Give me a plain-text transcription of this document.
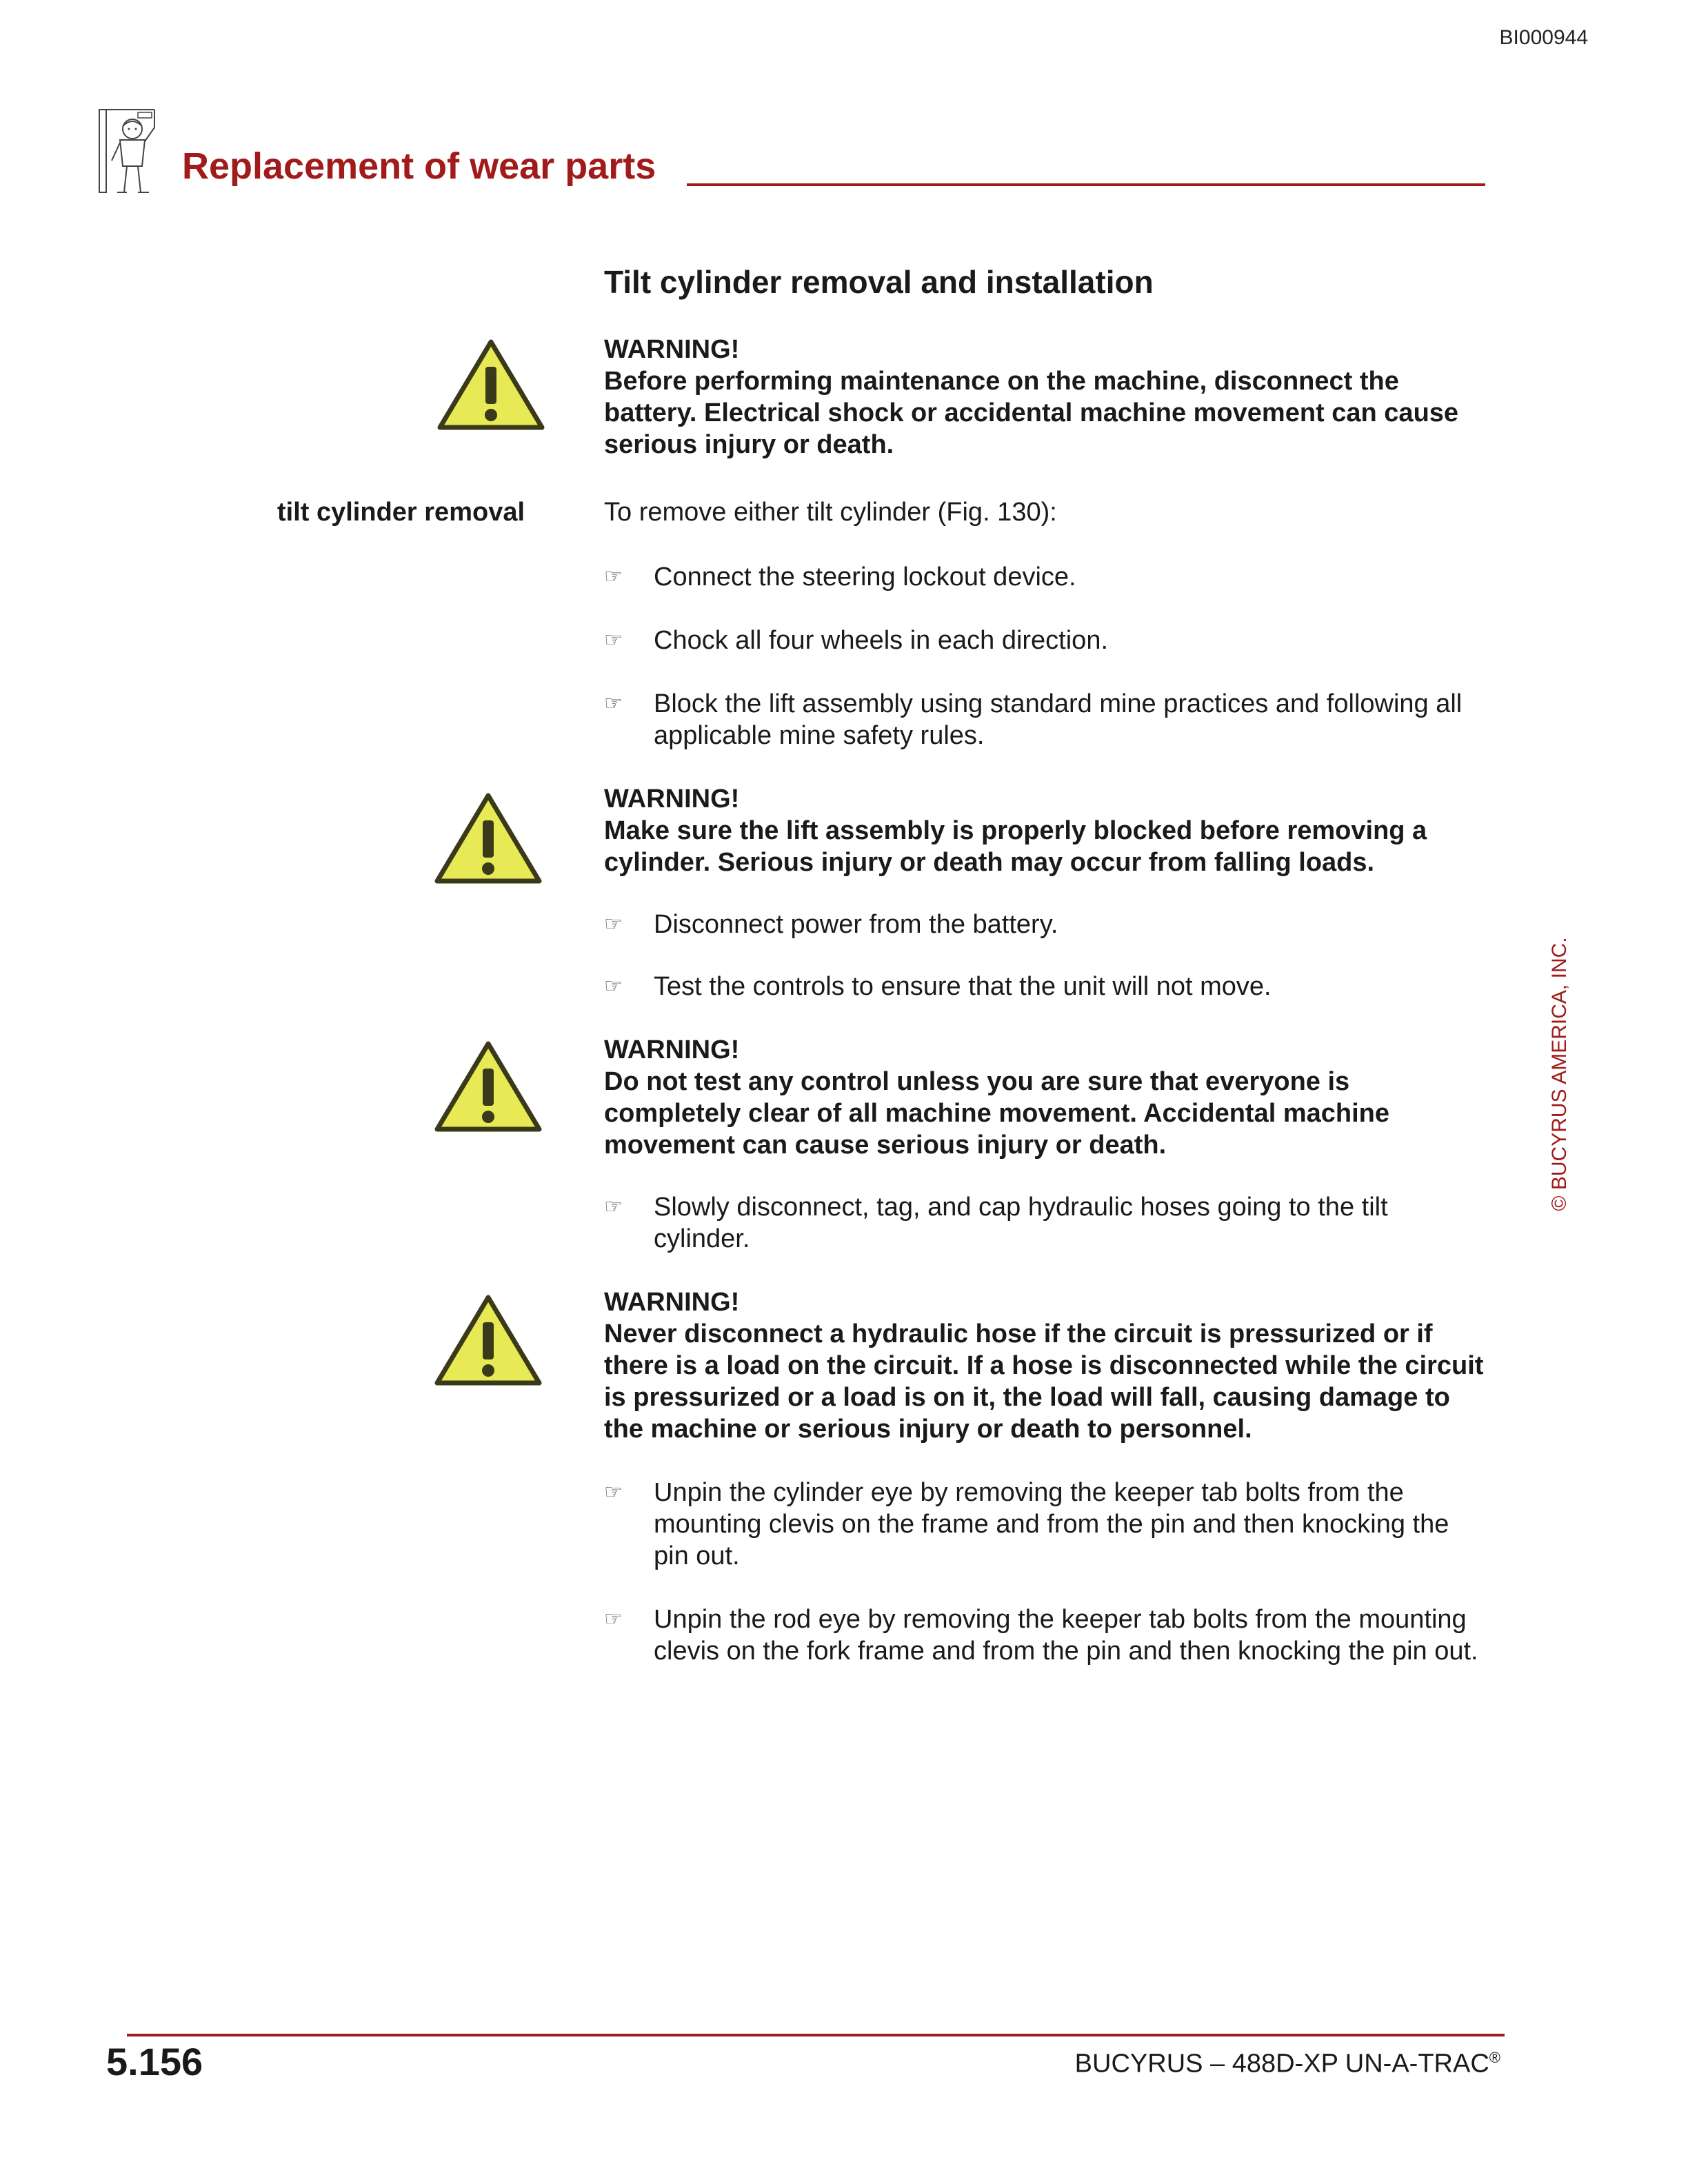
BI000944
Replacement of wear parts
Tilt cylinder removal and installation
WARNING!
Before performing maintenance on the machine, disconnect the battery. Electrical shock or accidental machine movement can cause serious injury or death.
tilt cylinder removal	To remove either tilt cylinder (Fig. 130):
☞ Connect the steering lockout device.
☞ Chock all four wheels in each direction.
☞ Block the lift assembly using standard mine practices and following all applicable mine safety rules.
WARNING!
Make sure the lift assembly is properly blocked before removing a cylinder. Serious injury or death may occur from falling loads.
☞ Disconnect power from the battery.
☞ Test the controls to ensure that the unit will not move.
WARNING!
Do not test any control unless you are sure that everyone is completely clear of all machine movement. Accidental machine movement can cause serious injury or death.
☞ Slowly disconnect, tag, and cap hydraulic hoses going to the tilt cylinder.
WARNING!
Never disconnect a hydraulic hose if the circuit is pressurized or if there is a load on the circuit. If a hose is disconnected while the circuit is pressurized or a load is on it, the load will fall, causing damage to the machine or serious injury or death to personnel.
☞ Unpin the cylinder eye by removing the keeper tab bolts from the mounting clevis on the frame and from the pin and then knocking the pin out.
☞ Unpin the rod eye by removing the keeper tab bolts from the mounting clevis on the fork frame and from the pin and then knocking the pin out.
© BUCYRUS AMERICA, INC.
5.156	BUCYRUS – 488D-XP UN-A-TRAC®
